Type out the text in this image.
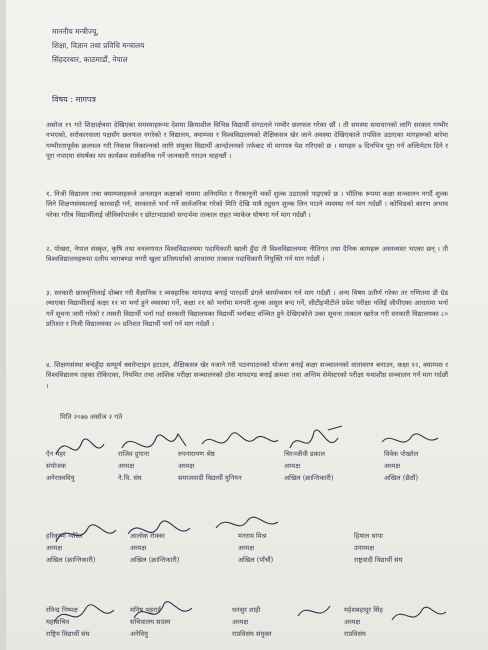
माननीय मन्त्रीज्यू,
शिक्षा, विज्ञान तथा प्रविधि मन्त्रालय
सिंहदरबार, काठमाडौं, नेपाल
विषय : मागपत्र
असोज १९ गते शिक्षाक्षेत्रमा देखिएका समस्याहरूमा देशमा क्रियाशील विभिन्न विद्यार्थी संगठनले गम्भीर छलफल गरेका छौं । ती समस्या समाधानको लागि सरकार गम्भीर नभएको, सरोकारवाला पक्षसँग छलफल नगरेको र विद्यालय, क्याम्पस र विश्वविद्यालयको शैक्षिकसत्र खेर जाने अवस्था देखिएकाले तपसिल उठाएका मागहरूको बारेमा गम्भीरतापूर्वक छलफल गरी निकास निकाल्नको लागि संयुक्त विद्यार्थी आन्दोलनको तर्फबाट यो मागपत्र पेश गरिएको छ । मागहरु ७ दिनभित्र पूरा गर्न अल्टिमेटम दिने र पूरा नभएमा संघर्षका थप कार्यक्रम सार्वजनिक गर्ने जानकारी गराउन चाहन्छौं ।
१. निजी विद्यालय तथा क्याम्पसहरूले अनलाइन कक्षाको नाममा अनियमित र गैरकानुनी चर्को शुल्क उठाएको पाइएको छ । भौतिक रूपमा कक्षा सञ्चालन नगर्दै शुल्क लिने शिक्षणसंस्थालाई कारवाही गर्न, सरकारले भर्ना गर्ने सार्वजनिक गरेको मिति देखि मात्रै ट्युसन शुल्क लिन पाउने व्यवस्था गर्न माग गर्दछौं । कोभिडको कारण अभाव परेका गरिब विद्यार्थीलाई जीविकोपार्जन र छोटाभाडाको सन्दर्भमा तत्काल राहत प्याकेज घोषणा गर्न माग गर्दछौं ।
२. पोखरा, नेपाल संस्कृत, कृषि तथा वनलगायत विश्वविद्यालयमा पदाधिकारी खाली हुँदा ती विश्वविद्यालयमा नीतिगत तथा दैनिक कामहरू अस्तव्यस्त भएका छन् । ती विश्वविद्यालयहरूमा दलीय भागबण्डा नगरी खुला प्रतिस्पर्धाको आधारमा तत्काल पदाधिकारी नियुक्ति गर्न माग गर्दछौं ।
३. सरकारी छात्रवृत्तिलाई दोब्बर गरी वैज्ञानिक र व्यवहारिक मापदण्ड बनाई पारदर्शी ढंगले कार्यान्वयन गर्न माग गर्दछौं । अन्य विषय उतीर्ण गरेका तर गणितमा डी ग्रेड ल्याएका विद्यार्थीलाई कक्षा ११ मा भर्ना हुने व्यवस्था गर्ने, कक्षा ११ को भर्नामा मनपरी शुल्क असुल बन्द गर्ने, सीटीइभीटीले प्रवेश परीक्षा नलिई जीपीएका आधारमा भर्ना गर्ने सूचना जारी गरेको र त्यसरी विद्यार्थी भर्ना गर्दा सरकारी विद्यालयका विद्यार्थी भर्नाबाट वञ्चित हुने देखिएकोले उक्त सूचना तत्काल खारेज गरी सरकारी विद्यालयका ८० प्रतिशत र निजी विद्यालयका २० प्रतिशत विद्यार्थी भर्ना गर्न माग गर्दछौं ।
४. शिक्षणसंस्था बन्दहुँदा सम्पूर्ण क्वारेन्टाइन हटाउन, शैक्षिकसत्र खेर नजाने गरी पठनपाठनको योजना बनाई कक्षा सञ्चालनको वातावरण बनाउन, कक्षा १२, क्याम्पस र विश्वविद्यालय तहका रोकिएका, नियमित तथा आंशिक परीक्षा सञ्चालनको ठोस मापदण्ड बनाई क्रमशः तथा अन्तिम सेमेस्टरको परीक्षा यथाशीघ्र सञ्चालन गर्न माग गर्दछौं ।
मिति २०७७ असोज २ गते
ऐन महर
संयोजक
अनेरास्ववियु
राजिव दुगाना
अध्यक्ष
ने.वि. संघ
रुपनारायण श्रेष्ठ
अध्यक्ष
समाजवादी विद्यार्थी युनियन
चिरञ्जीवी ढकाल
अध्यक्ष
अखिल (क्रान्तिकारी)
विवेक पोखरेल
अध्यक्ष
अखिल (छैठौं)
हरिकृष्ण न्यौरेल
अध्यक्ष
अखिल (क्रान्तिकारी)
आलोक रोक्का
अध्यक्ष
अखिल (क्रान्तिकारी)
मनराम मिश्र
अध्यक्ष
अखिल (पाँचौं)
हिमाल थापा
उपाध्यक्ष
राष्ट्रवादी विद्यार्थी संघ
रविन्द्र निष्पक्ष
महासचिव
राष्ट्रिय विद्यार्थी संघ
मनिष भट्टराई
सचिवालय सदस्य
अनेवियु
धनसुर शाही
अध्यक्ष
राप्रविसंघ संयुक्त
महेशबहादुर सिंह
अध्यक्ष
राप्रविसंघ
